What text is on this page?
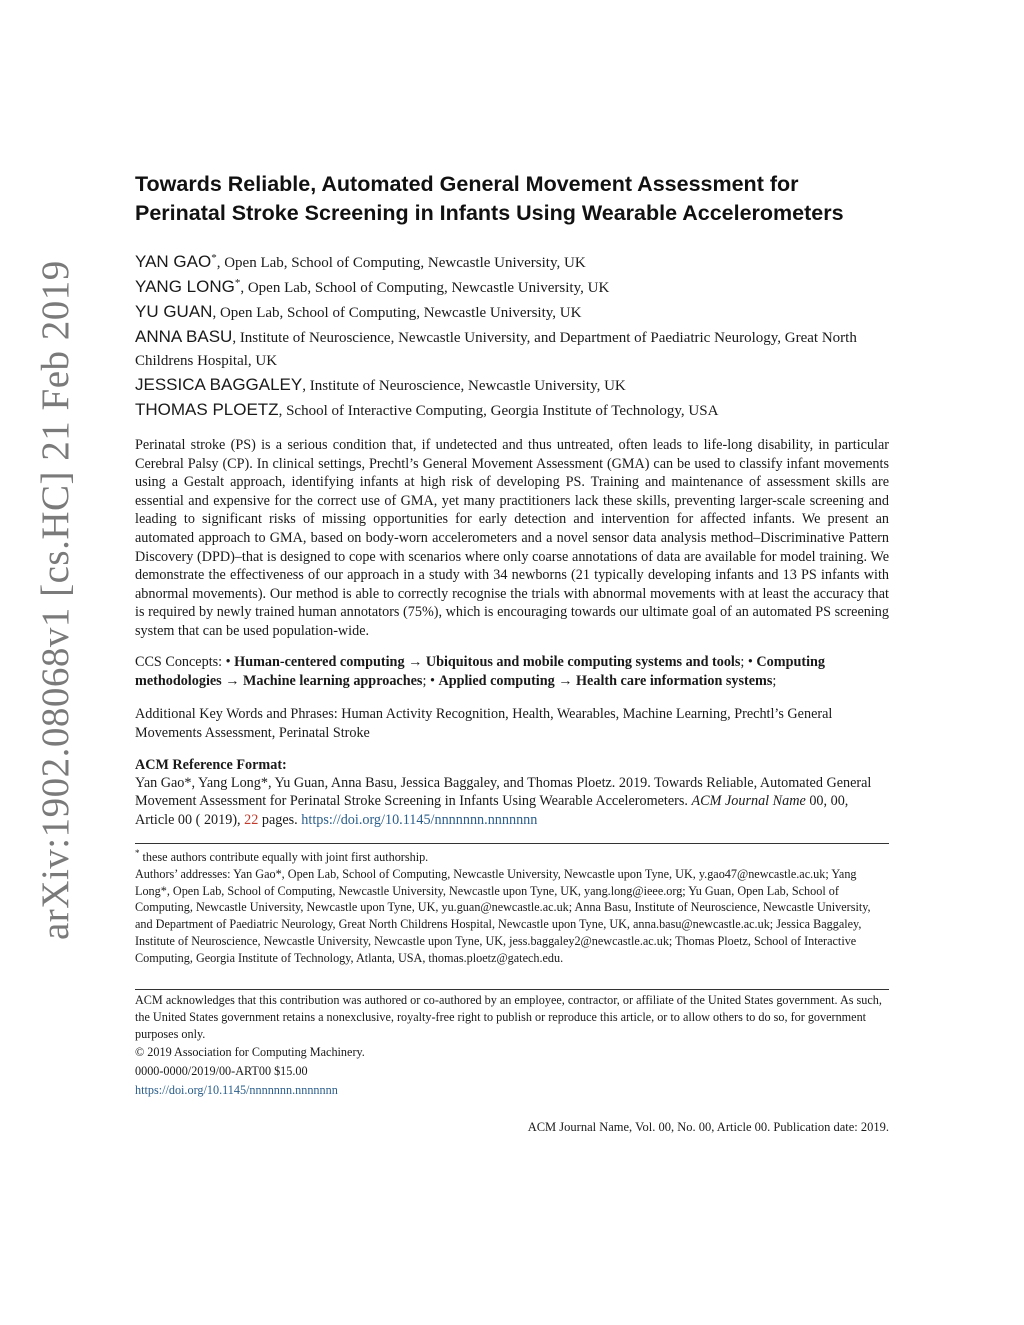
arXiv:1902.08068v1 [cs.HC] 21 Feb 2019
Towards Reliable, Automated General Movement Assessment for
Perinatal Stroke Screening in Infants Using Wearable Accelerometers
YAN GAO*, Open Lab, School of Computing, Newcastle University, UK
YANG LONG*, Open Lab, School of Computing, Newcastle University, UK
YU GUAN, Open Lab, School of Computing, Newcastle University, UK
ANNA BASU, Institute of Neuroscience, Newcastle University, and Department of Paediatric Neurology, Great North Childrens Hospital, UK
JESSICA BAGGALEY, Institute of Neuroscience, Newcastle University, UK
THOMAS PLOETZ, School of Interactive Computing, Georgia Institute of Technology, USA

Perinatal stroke (PS) is a serious condition that, if undetected and thus untreated, often leads to life-long disability, in particular Cerebral Palsy (CP). In clinical settings, Prechtl’s General Movement Assessment (GMA) can be used to classify infant movements using a Gestalt approach, identifying infants at high risk of developing PS. Training and maintenance of assessment skills are essential and expensive for the correct use of GMA, yet many practitioners lack these skills, preventing larger-scale screening and leading to significant risks of missing opportunities for early detection and intervention for affected infants. We present an automated approach to GMA, based on body-worn accelerometers and a novel sensor data analysis method–Discriminative Pattern Discovery (DPD)–that is designed to cope with scenarios where only coarse annotations of data are available for model training. We demonstrate the effectiveness of our approach in a study with 34 newborns (21 typically developing infants and 13 PS infants with abnormal movements). Our method is able to correctly recognise the trials with abnormal movements with at least the accuracy that is required by newly trained human annotators (75%), which is encouraging towards our ultimate goal of an automated PS screening system that can be used population-wide.

CCS Concepts: • Human-centered computing → Ubiquitous and mobile computing systems and tools; • Computing methodologies → Machine learning approaches; • Applied computing → Health care information systems;

Additional Key Words and Phrases: Human Activity Recognition, Health, Wearables, Machine Learning, Prechtl’s General Movements Assessment, Perinatal Stroke

ACM Reference Format:
Yan Gao*, Yang Long*, Yu Guan, Anna Basu, Jessica Baggaley, and Thomas Ploetz. 2019. Towards Reliable, Automated General Movement Assessment for Perinatal Stroke Screening in Infants Using Wearable Accelerometers. ACM Journal Name 00, 00, Article 00 ( 2019), 22 pages. https://doi.org/10.1145/nnnnnnn.nnnnnnn
* these authors contribute equally with joint first authorship.
Authors’ addresses: Yan Gao*, Open Lab, School of Computing, Newcastle University, Newcastle upon Tyne, UK, y.gao47@newcastle.ac.uk; Yang Long*, Open Lab, School of Computing, Newcastle University, Newcastle upon Tyne, UK, yang.long@ieee.org; Yu Guan, Open Lab, School of Computing, Newcastle University, Newcastle upon Tyne, UK, yu.guan@newcastle.ac.uk; Anna Basu, Institute of Neuroscience, Newcastle University, and Department of Paediatric Neurology, Great North Childrens Hospital, Newcastle upon Tyne, UK, anna.basu@newcastle.ac.uk; Jessica Baggaley, Institute of Neuroscience, Newcastle University, Newcastle upon Tyne, UK, jess.baggaley2@newcastle.ac.uk; Thomas Ploetz, School of Interactive Computing, Georgia Institute of Technology, Atlanta, USA, thomas.ploetz@gatech.edu.
ACM acknowledges that this contribution was authored or co-authored by an employee, contractor, or affiliate of the United States government. As such, the United States government retains a nonexclusive, royalty-free right to publish or reproduce this article, or to allow others to do so, for government purposes only.
© 2019 Association for Computing Machinery.
0000-0000/2019/00-ART00 $15.00
https://doi.org/10.1145/nnnnnnn.nnnnnnn
ACM Journal Name, Vol. 00, No. 00, Article 00. Publication date: 2019.
